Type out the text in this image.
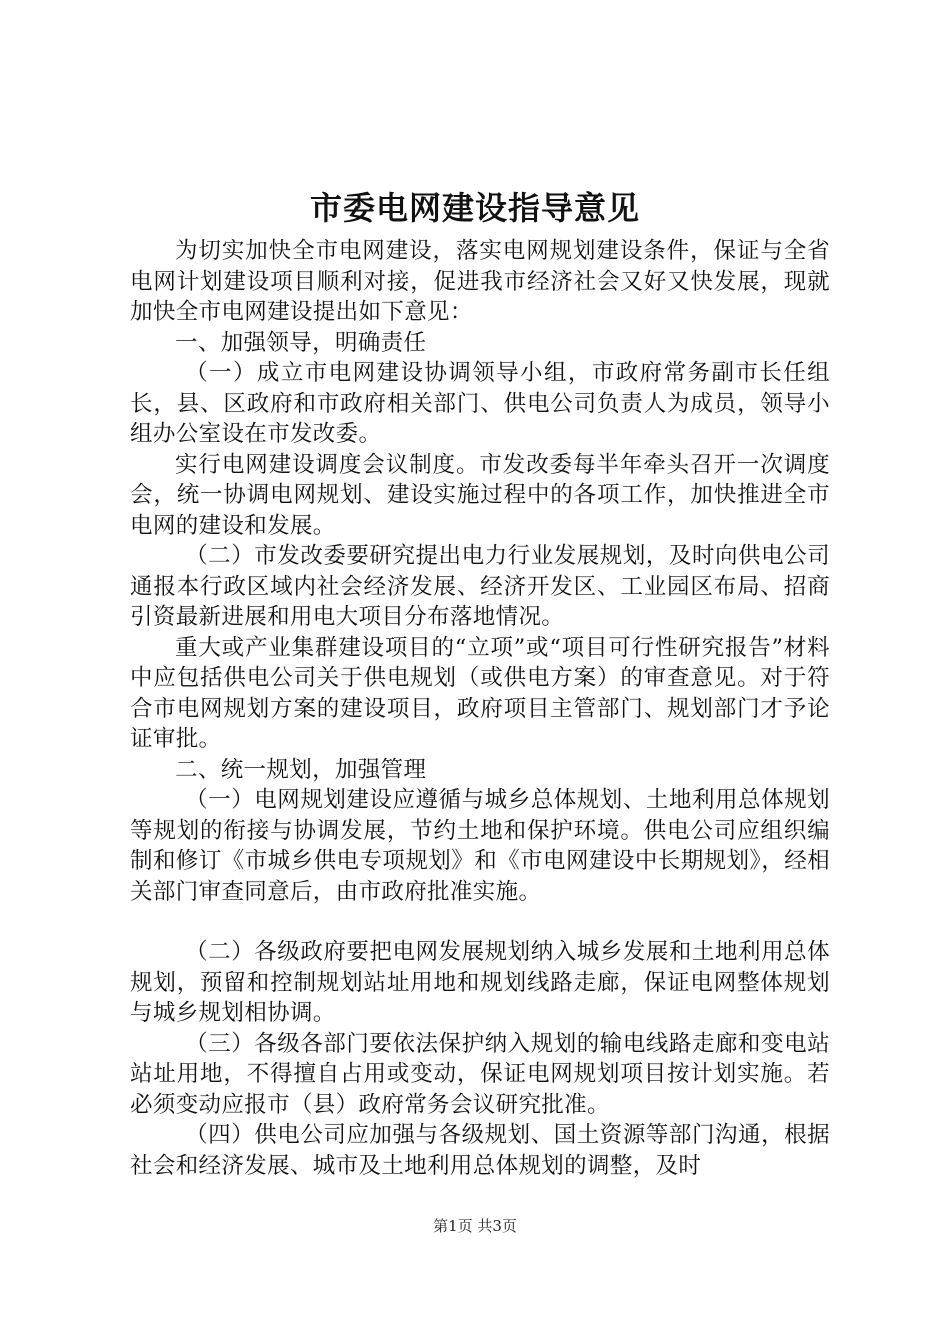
市委电网建设指导意见

为切实加快全市电网建设，落实电网规划建设条件，保证与全省电网计划建设项目顺利对接，促进我市经济社会又好又快发展，现就加快全市电网建设提出如下意见：

一、加强领导，明确责任

（一）成立市电网建设协调领导小组，市政府常务副市长任组长，县、区政府和市政府相关部门、供电公司负责人为成员，领导小组办公室设在市发改委。

实行电网建设调度会议制度。市发改委每半年牵头召开一次调度会，统一协调电网规划、建设实施过程中的各项工作，加快推进全市电网的建设和发展。

（二）市发改委要研究提出电力行业发展规划，及时向供电公司通报本行政区域内社会经济发展、经济开发区、工业园区布局、招商引资最新进展和用电大项目分布落地情况。

重大或产业集群建设项目的“立项”或“项目可行性研究报告”材料中应包括供电公司关于供电规划（或供电方案）的审查意见。对于符合市电网规划方案的建设项目，政府项目主管部门、规划部门才予论证审批。

二、统一规划，加强管理

（一）电网规划建设应遵循与城乡总体规划、土地利用总体规划等规划的衔接与协调发展，节约土地和保护环境。供电公司应组织编制和修订《市城乡供电专项规划》和《市电网建设中长期规划》，经相关部门审查同意后，由市政府批准实施。

（二）各级政府要把电网发展规划纳入城乡发展和土地利用总体规划，预留和控制规划站址用地和规划线路走廊，保证电网整体规划与城乡规划相协调。

（三）各级各部门要依法保护纳入规划的输电线路走廊和变电站站址用地，不得擅自占用或变动，保证电网规划项目按计划实施。若必须变动应报市（县）政府常务会议研究批准。

（四）供电公司应加强与各级规划、国土资源等部门沟通，根据社会和经济发展、城市及土地利用总体规划的调整，及时

第1页 共3页
